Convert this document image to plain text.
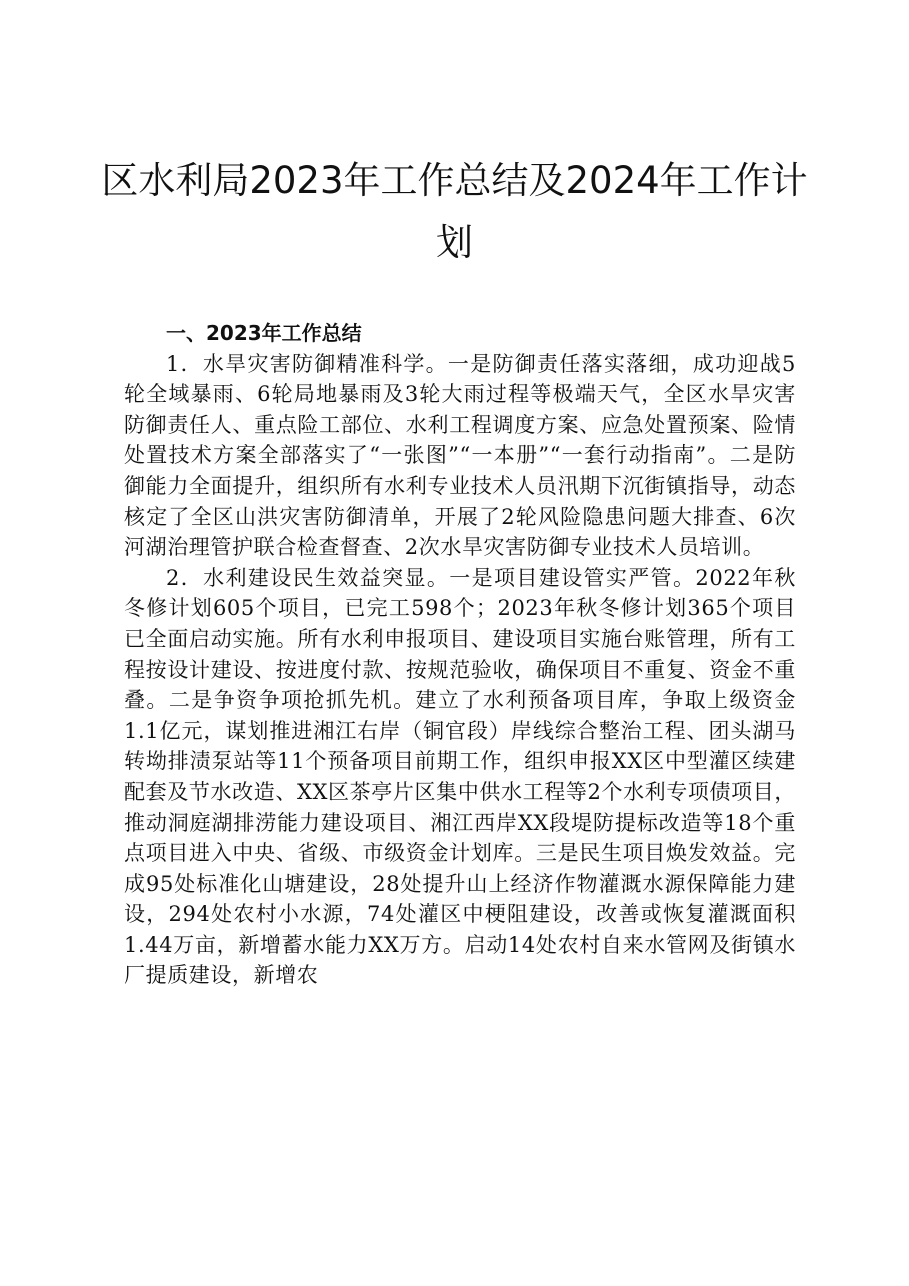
区水利局2023年工作总结及2024年工作计划
一、2023年工作总结

1．水旱灾害防御精准科学。一是防御责任落实落细，成功迎战5轮全域暴雨、6轮局地暴雨及3轮大雨过程等极端天气，全区水旱灾害防御责任人、重点险工部位、水利工程调度方案、应急处置预案、险情处置技术方案全部落实了“一张图”“一本册”“一套行动指南”。二是防御能力全面提升，组织所有水利专业技术人员汛期下沉街镇指导，动态核定了全区山洪灾害防御清单，开展了2轮风险隐患问题大排查、6次河湖治理管护联合检查督查、2次水旱灾害防御专业技术人员培训。

2．水利建设民生效益突显。一是项目建设管实严管。2022年秋冬修计划605个项目，已完工598个；2023年秋冬修计划365个项目已全面启动实施。所有水利申报项目、建设项目实施台账管理，所有工程按设计建设、按进度付款、按规范验收，确保项目不重复、资金不重叠。二是争资争项抢抓先机。建立了水利预备项目库，争取上级资金1.1亿元，谋划推进湘江右岸（铜官段）岸线综合整治工程、团头湖马转坳排渍泵站等11个预备项目前期工作，组织申报XX区中型灌区续建配套及节水改造、XX区茶亭片区集中供水工程等2个水利专项债项目，推动洞庭湖排涝能力建设项目、湘江西岸XX段堤防提标改造等18个重点项目进入中央、省级、市级资金计划库。三是民生项目焕发效益。完成95处标准化山塘建设，28处提升山上经济作物灌溉水源保障能力建设，294处农村小水源，74处灌区中梗阻建设，改善或恢复灌溉面积1.44万亩，新增蓄水能力XX万方。启动14处农村自来水管网及街镇水厂提质建设，新增农
